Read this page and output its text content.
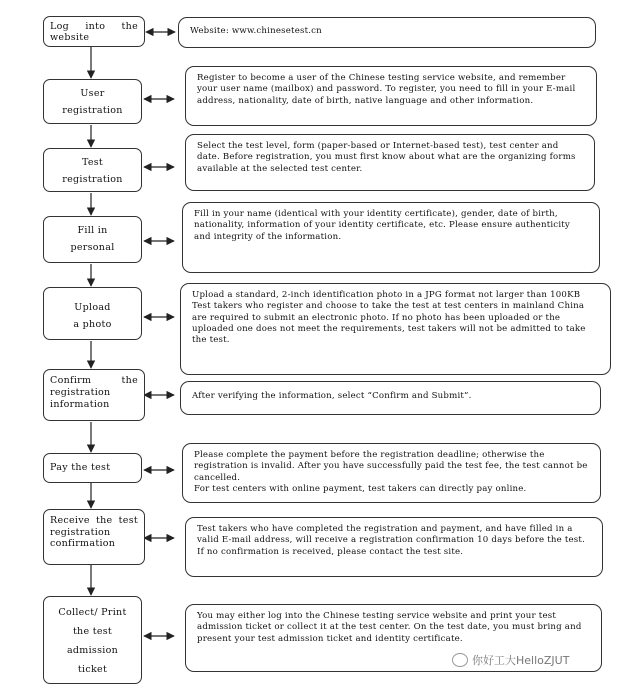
Log into the website

Website: www.chinesetest.cn

User registration

Register to become a user of the Chinese testing service website, and remember your user name (mailbox) and password. To register, you need to fill in your E-mail address, nationality, date of birth, native language and other information.

Test registration

Select the test level, form (paper-based or Internet-based test), test center and date. Before registration, you must first know about what are the organizing forms available at the selected test center.

Fill in personal

Fill in your name (identical with your identity certificate), gender, date of birth, nationality, information of your identity certificate, etc. Please ensure authenticity and integrity of the information.

Upload a photo

Upload a standard, 2-inch identification photo in a JPG format not larger than 100KB

Test takers who register and choose to take the test at test centers in mainland China are required to submit an electronic photo. If no photo has been uploaded or the uploaded one does not meet the requirements, test takers will not be admitted to take the test.

Confirm the registration information

After verifying the information, select “Confirm and Submit”.

Pay the test

Please complete the payment before the registration deadline; otherwise the registration is invalid. After you have successfully paid the test fee, the test cannot be cancelled.

For test centers with online payment, test takers can directly pay online.

Receive the test registration confirmation

Test takers who have completed the registration and payment, and have filled in a valid E-mail address, will receive a registration confirmation 10 days before the test. If no confirmation is received, please contact the test site.

Collect/ Print the test admission ticket

You may either log into the Chinese testing service website and print your test admission ticket or collect it at the test center. On the test date, you must bring and present your test admission ticket and identity certificate.

你好工大HelloZJUT
